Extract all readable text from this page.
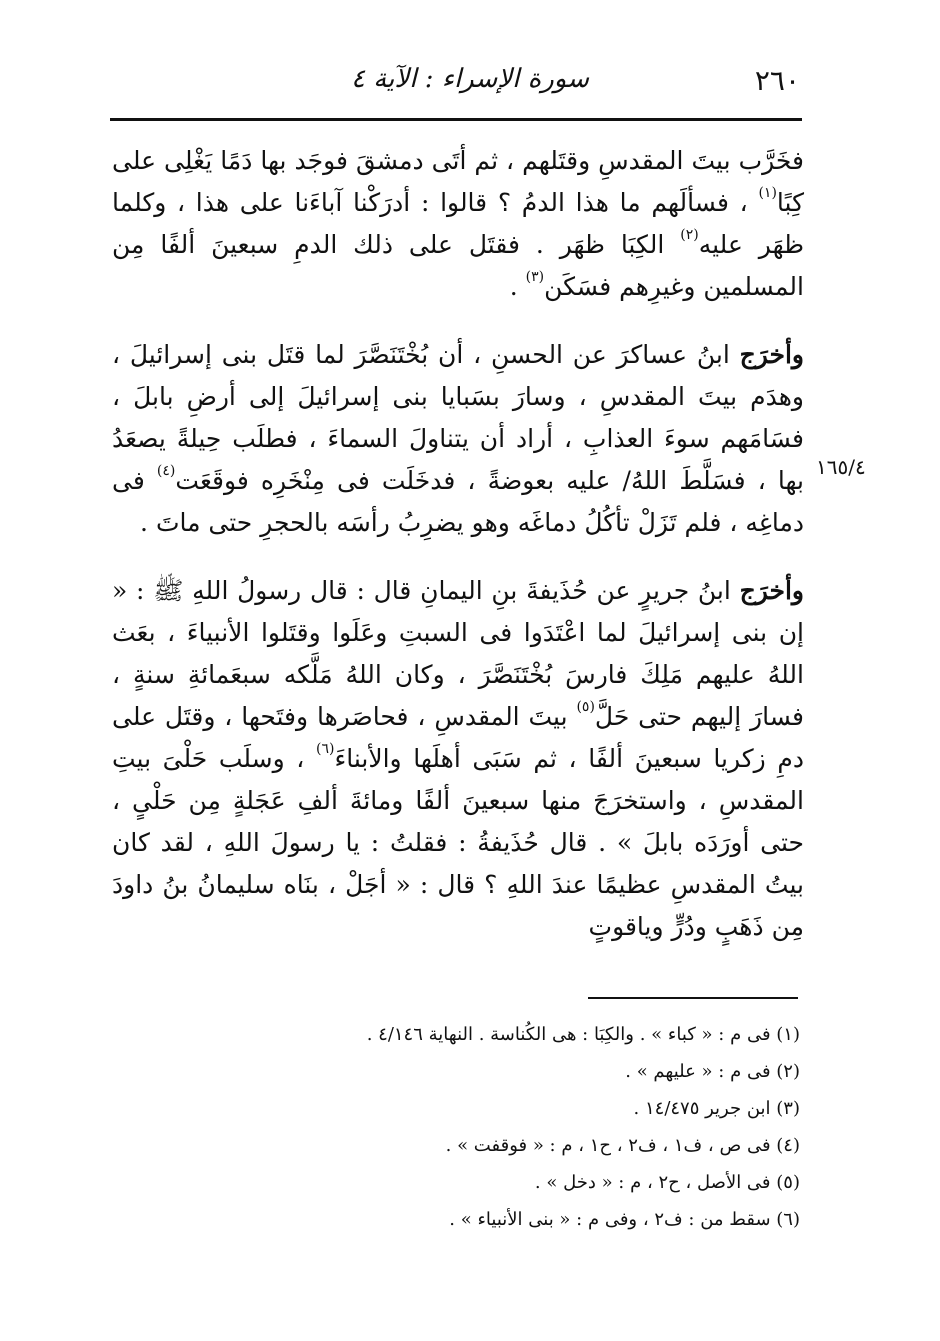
٢٦٠
سورة الإسراء : الآية ٤
١٦٥/٤

فخَرَّب بيتَ المقدسِ وقتَلهم ، ثم أتَى دمشقَ فوجَد بها دَمًا يَغْلِى على كِبًا$^{(١)}$ ، فسألَهم ما هذا الدمُ ؟ قالوا : أدرَكْنا آباءَنا على هذا ، وكلما ظهَر عليه$^{(٢)}$ الكِبَا ظهَر . فقتَل على ذلك الدمِ سبعينَ ألفًا مِن المسلمين وغيرِهم فسَكَن$^{(٣)}$ .

وأخرَج ابنُ عساكرَ عن الحسنِ ، أن بُخْتَنَصَّرَ لما قتَل بنى إسرائيلَ ، وهدَم بيتَ المقدسِ ، وسارَ بسَبايا بنى إسرائيلَ إلى أرضِ بابلَ ، فسَامَهم سوءَ العذابِ ، أراد أن يتناولَ السماءَ ، فطلَب حِيلةً يصعَدُ بها ، فسَلَّطَ اللهُ/ عليه بعوضةً ، فدخَلَت فى مِنْخَرِه فوقَعَت$^{(٤)}$ فى دماغِه ، فلم تَزَلْ تأكُلُ دماغَه وهو يضرِبُ رأسَه بالحجرِ حتى ماتَ .

وأخرَج ابنُ جريرٍ عن حُذَيفةَ بنِ اليمانِ قال : قال رسولُ اللهِ ﷺ : « إن بنى إسرائيلَ لما اعْتَدَوا فى السبتِ وعَلَوا وقتَلوا الأنبياءَ ، بعَث اللهُ عليهم مَلِكَ فارسَ بُخْتَنَصَّرَ ، وكان اللهُ مَلَّكه سبعَمائةِ سنةٍ ، فسارَ إليهم حتى حَلَّ$^{(٥)}$ بيتَ المقدسِ ، فحاصَرها وفتَحها ، وقتَل على دمِ زكريا سبعينَ ألفًا ، ثم سَبَى أهلَها والأبناءَ$^{(٦)}$ ، وسلَب حَلْىَ بيتِ المقدسِ ، واستخرَجَ منها سبعينَ ألفًا ومائةَ ألفِ عَجَلةٍ مِن حَلْىٍ ، حتى أورَدَه بابلَ » . قال حُذَيفةُ : فقلتُ : يا رسولَ اللهِ ، لقد كان بيتُ المقدسِ عظيمًا عندَ اللهِ ؟ قال : « أجَلْ ، بنَاه سليمانُ بنُ داودَ مِن ذَهَبٍ ودُرٍّ وياقوتٍ

(١) فى م : « كباء » . والكِبَا : هى الكُناسة . النهاية ٤/١٤٦ .

(٢) فى م : « عليهم » .

(٣) ابن جرير ١٤/٤٧٥ .

(٤) فى ص ، ف١ ، ف٢ ، ح١ ، م : « فوقفت » .

(٥) فى الأصل ، ح٢ ، م : « دخل » .

(٦) سقط من : ف٢ ، وفى م : « بنى الأنبياء » .
